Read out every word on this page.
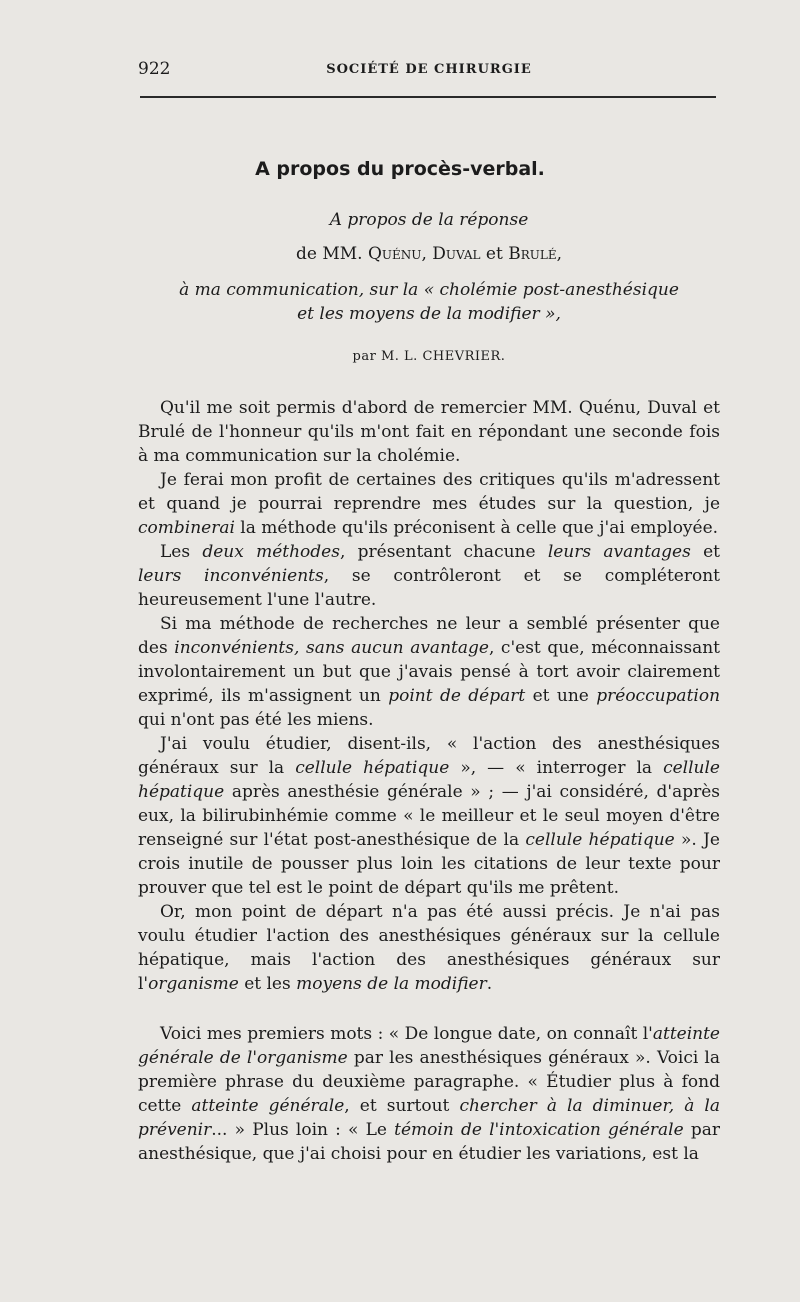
922	SOCIÉTÉ DE CHIRURGIE
A propos du procès-verbal.
A propos de la réponse
de MM. Quénu, Duval et Brulé,
à ma communication, sur la « cholémie post-anesthésique
et les moyens de la modifier »,
par M. L. CHEVRIER.

Qu'il me soit permis d'abord de remercier MM. Quénu, Duval et Brulé de l'honneur qu'ils m'ont fait en répondant une seconde fois à ma communication sur la cholémie.

Je ferai mon profit de certaines des critiques qu'ils m'adressent et quand je pourrai reprendre mes études sur la question, je combinerai la méthode qu'ils préconisent à celle que j'ai employée.

Les deux méthodes, présentant chacune leurs avantages et leurs inconvénients, se contrôleront et se compléteront heureusement l'une l'autre.

Si ma méthode de recherches ne leur a semblé présenter que des inconvénients, sans aucun avantage, c'est que, méconnaissant involontairement un but que j'avais pensé à tort avoir clairement exprimé, ils m'assignent un point de départ et une préoccupation qui n'ont pas été les miens.

J'ai voulu étudier, disent-ils, « l'action des anesthésiques généraux sur la cellule hépatique », — « interroger la cellule hépatique après anesthésie générale » ; — j'ai considéré, d'après eux, la bilirubinhémie comme « le meilleur et le seul moyen d'être renseigné sur l'état post-anesthésique de la cellule hépatique ». Je crois inutile de pousser plus loin les citations de leur texte pour prouver que tel est le point de départ qu'ils me prêtent.

Or, mon point de départ n'a pas été aussi précis. Je n'ai pas voulu étudier l'action des anesthésiques généraux sur la cellule hépatique, mais l'action des anesthésiques généraux sur l'organisme et les moyens de la modifier.

Voici mes premiers mots : « De longue date, on connaît l'atteinte générale de l'organisme par les anesthésiques généraux ». Voici la première phrase du deuxième paragraphe. « Étudier plus à fond cette atteinte générale, et surtout chercher à la diminuer, à la prévenir... » Plus loin : « Le témoin de l'intoxication générale par anesthésique, que j'ai choisi pour en étudier les variations, est la
